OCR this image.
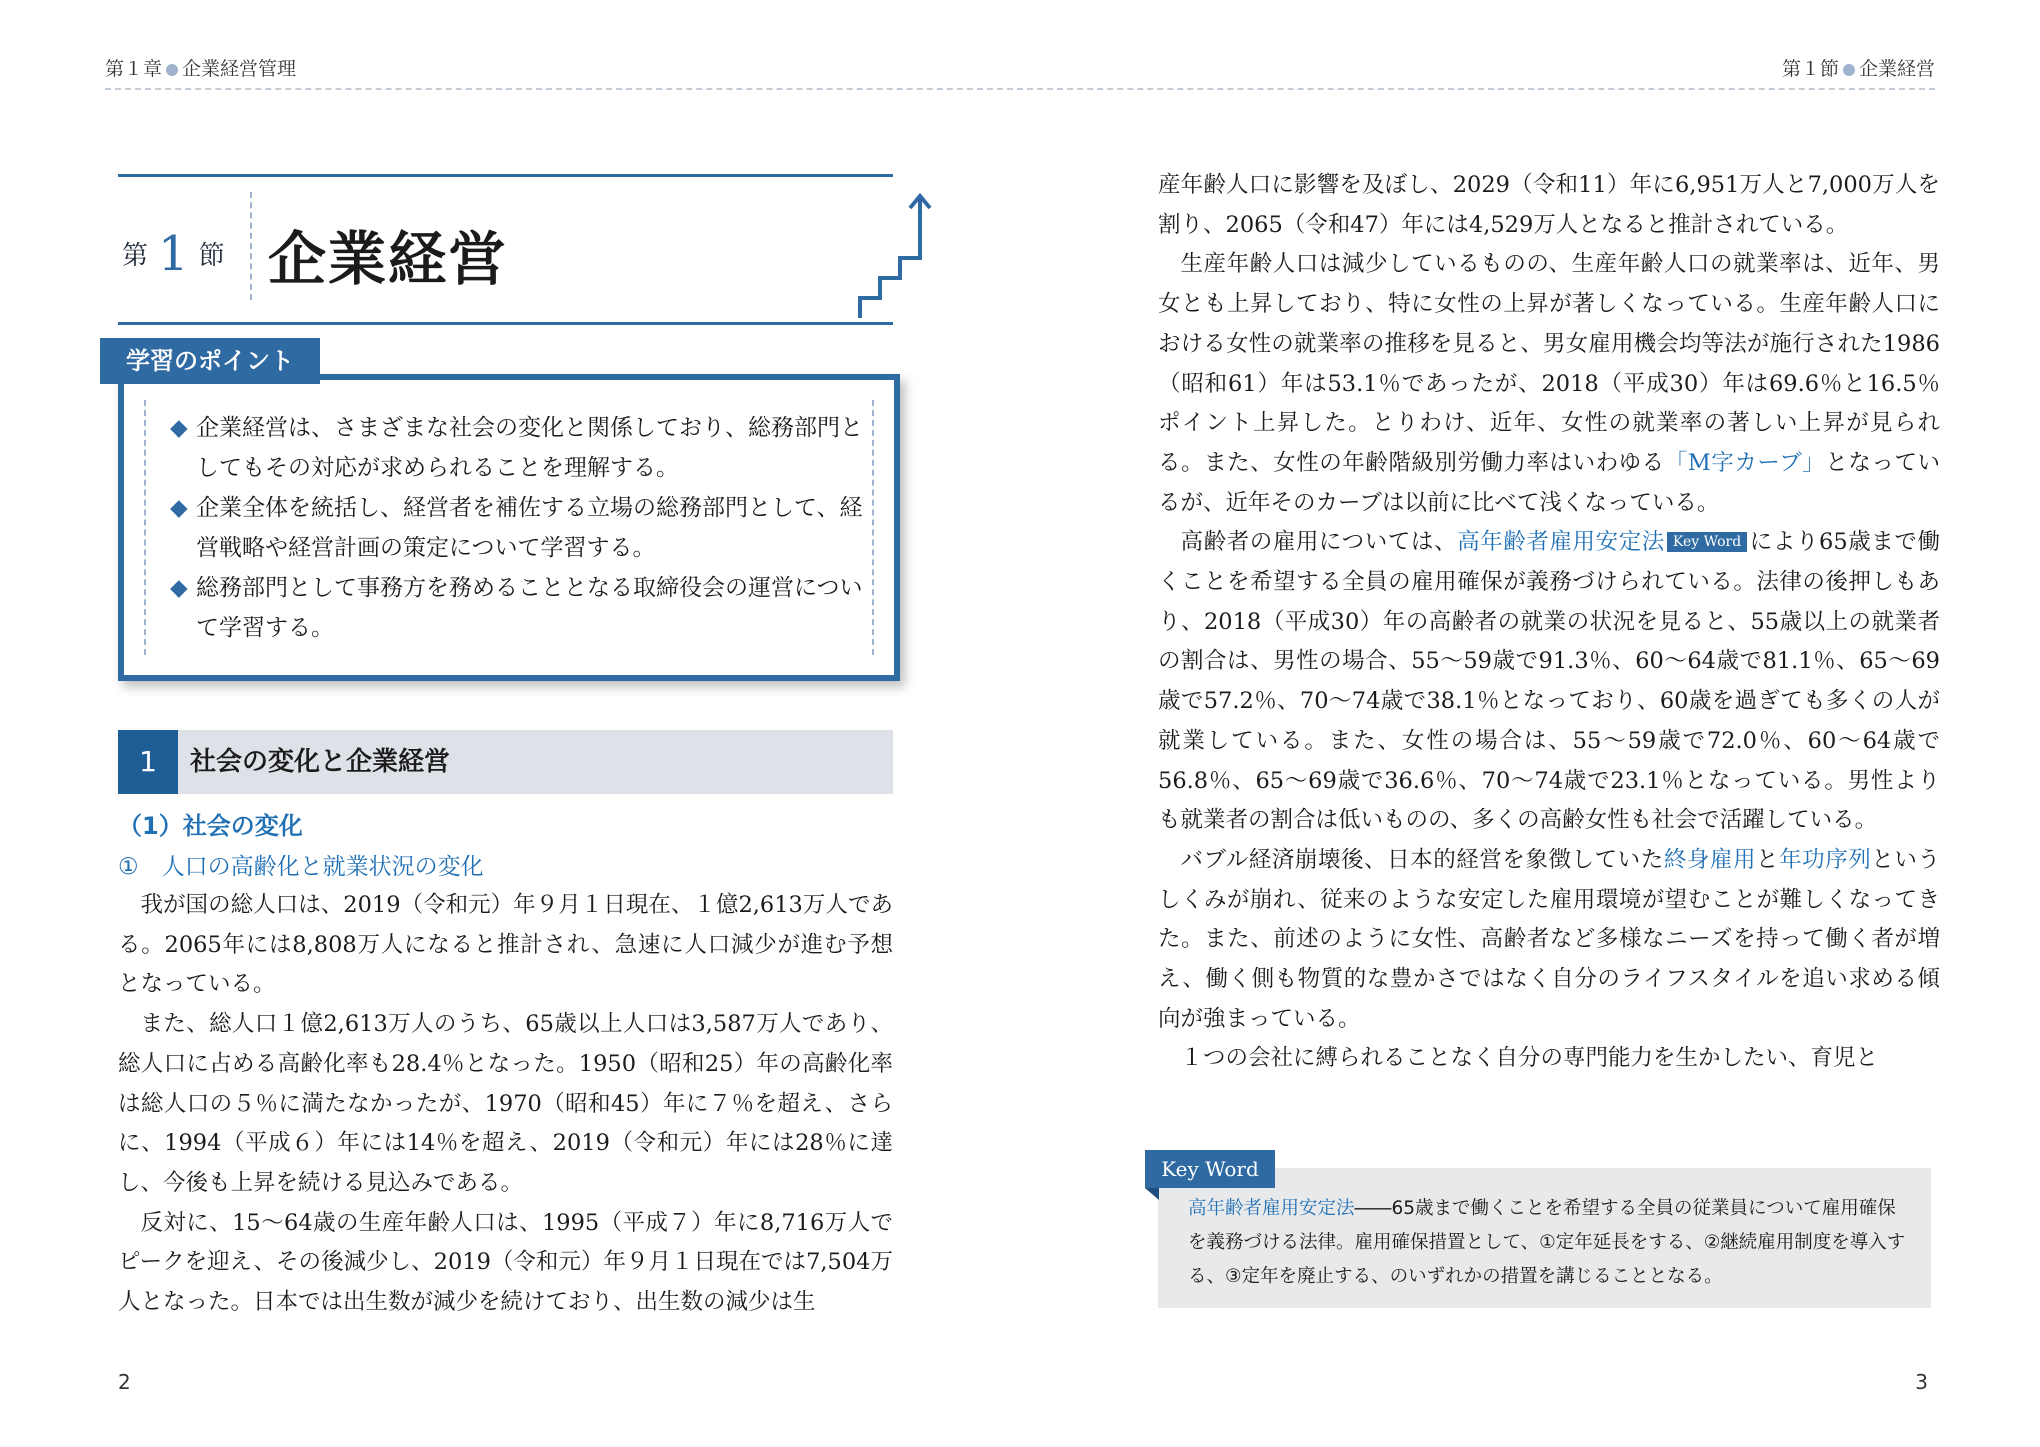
第１章 企業経営管理	第１節 企業経営
第 1 節 企業経営
◆ 企業経営は、さまざまな社会の変化と関係しており、総務部門としてもその対応が求められることを理解する。
◆ 企業全体を統括し、経営者を補佐する立場の総務部門として、経営戦略や経営計画の策定について学習する。
◆ 総務部門として事務方を務めることとなる取締役会の運営について学習する。
学習のポイント
1	社会の変化と企業経営
（1）社会の変化
①　人口の高齢化と就業状況の変化

我が国の総人口は、2019（令和元）年９月１日現在、１億2,613万人である。2065年には8,808万人になると推計され、急速に人口減少が進む予想となっている。

また、総人口１億2,613万人のうち、65歳以上人口は3,587万人であり、総人口に占める高齢化率も28.4％となった。1950（昭和25）年の高齢化率は総人口の５％に満たなかったが、1970（昭和45）年に７％を超え、さらに、1994（平成６）年には14％を超え、2019（令和元）年には28％に達し、今後も上昇を続ける見込みである。

反対に、15～64歳の生産年齢人口は、1995（平成７）年に8,716万人でピークを迎え、その後減少し、2019（令和元）年９月１日現在では7,504万人となった。日本では出生数が減少を続けており、出生数の減少は生

産年齢人口に影響を及ぼし、2029（令和11）年に6,951万人と7,000万人を割り、2065（令和47）年には4,529万人となると推計されている。

生産年齢人口は減少しているものの、生産年齢人口の就業率は、近年、男女とも上昇しており、特に女性の上昇が著しくなっている。生産年齢人口における女性の就業率の推移を見ると、男女雇用機会均等法が施行された1986（昭和61）年は53.1％であったが、2018（平成30）年は69.6％と16.5％ポイント上昇した。とりわけ、近年、女性の就業率の著しい上昇が見られる。また、女性の年齢階級別労働力率はいわゆる「M字カーブ」となっているが、近年そのカーブは以前に比べて浅くなっている。

高齢者の雇用については、高年齢者雇用安定法 Key Word により65歳まで働くことを希望する全員の雇用確保が義務づけられている。法律の後押しもあり、2018（平成30）年の高齢者の就業の状況を見ると、55歳以上の就業者の割合は、男性の場合、55～59歳で91.3％、60～64歳で81.1％、65～69歳で57.2％、70～74歳で38.1％となっており、60歳を過ぎても多くの人が就業している。また、女性の場合は、55～59歳で72.0％、60～64歳で56.8％、65～69歳で36.6％、70～74歳で23.1％となっている。男性よりも就業者の割合は低いものの、多くの高齢女性も社会で活躍している。

バブル経済崩壊後、日本的経営を象徴していた終身雇用と年功序列というしくみが崩れ、従来のような安定した雇用環境が望むことが難しくなってきた。また、前述のように女性、高齢者など多様なニーズを持って働く者が増え、働く側も物質的な豊かさではなく自分のライフスタイルを追い求める傾向が強まっている。

１つの会社に縛られることなく自分の専門能力を生かしたい、育児と

Key Word
高年齢者雇用安定法――65歳まで働くことを希望する全員の従業員について雇用確保を義務づける法律。雇用確保措置として、①定年延長をする、②継続雇用制度を導入する、③定年を廃止する、のいずれかの措置を講じることとなる。
2	3
